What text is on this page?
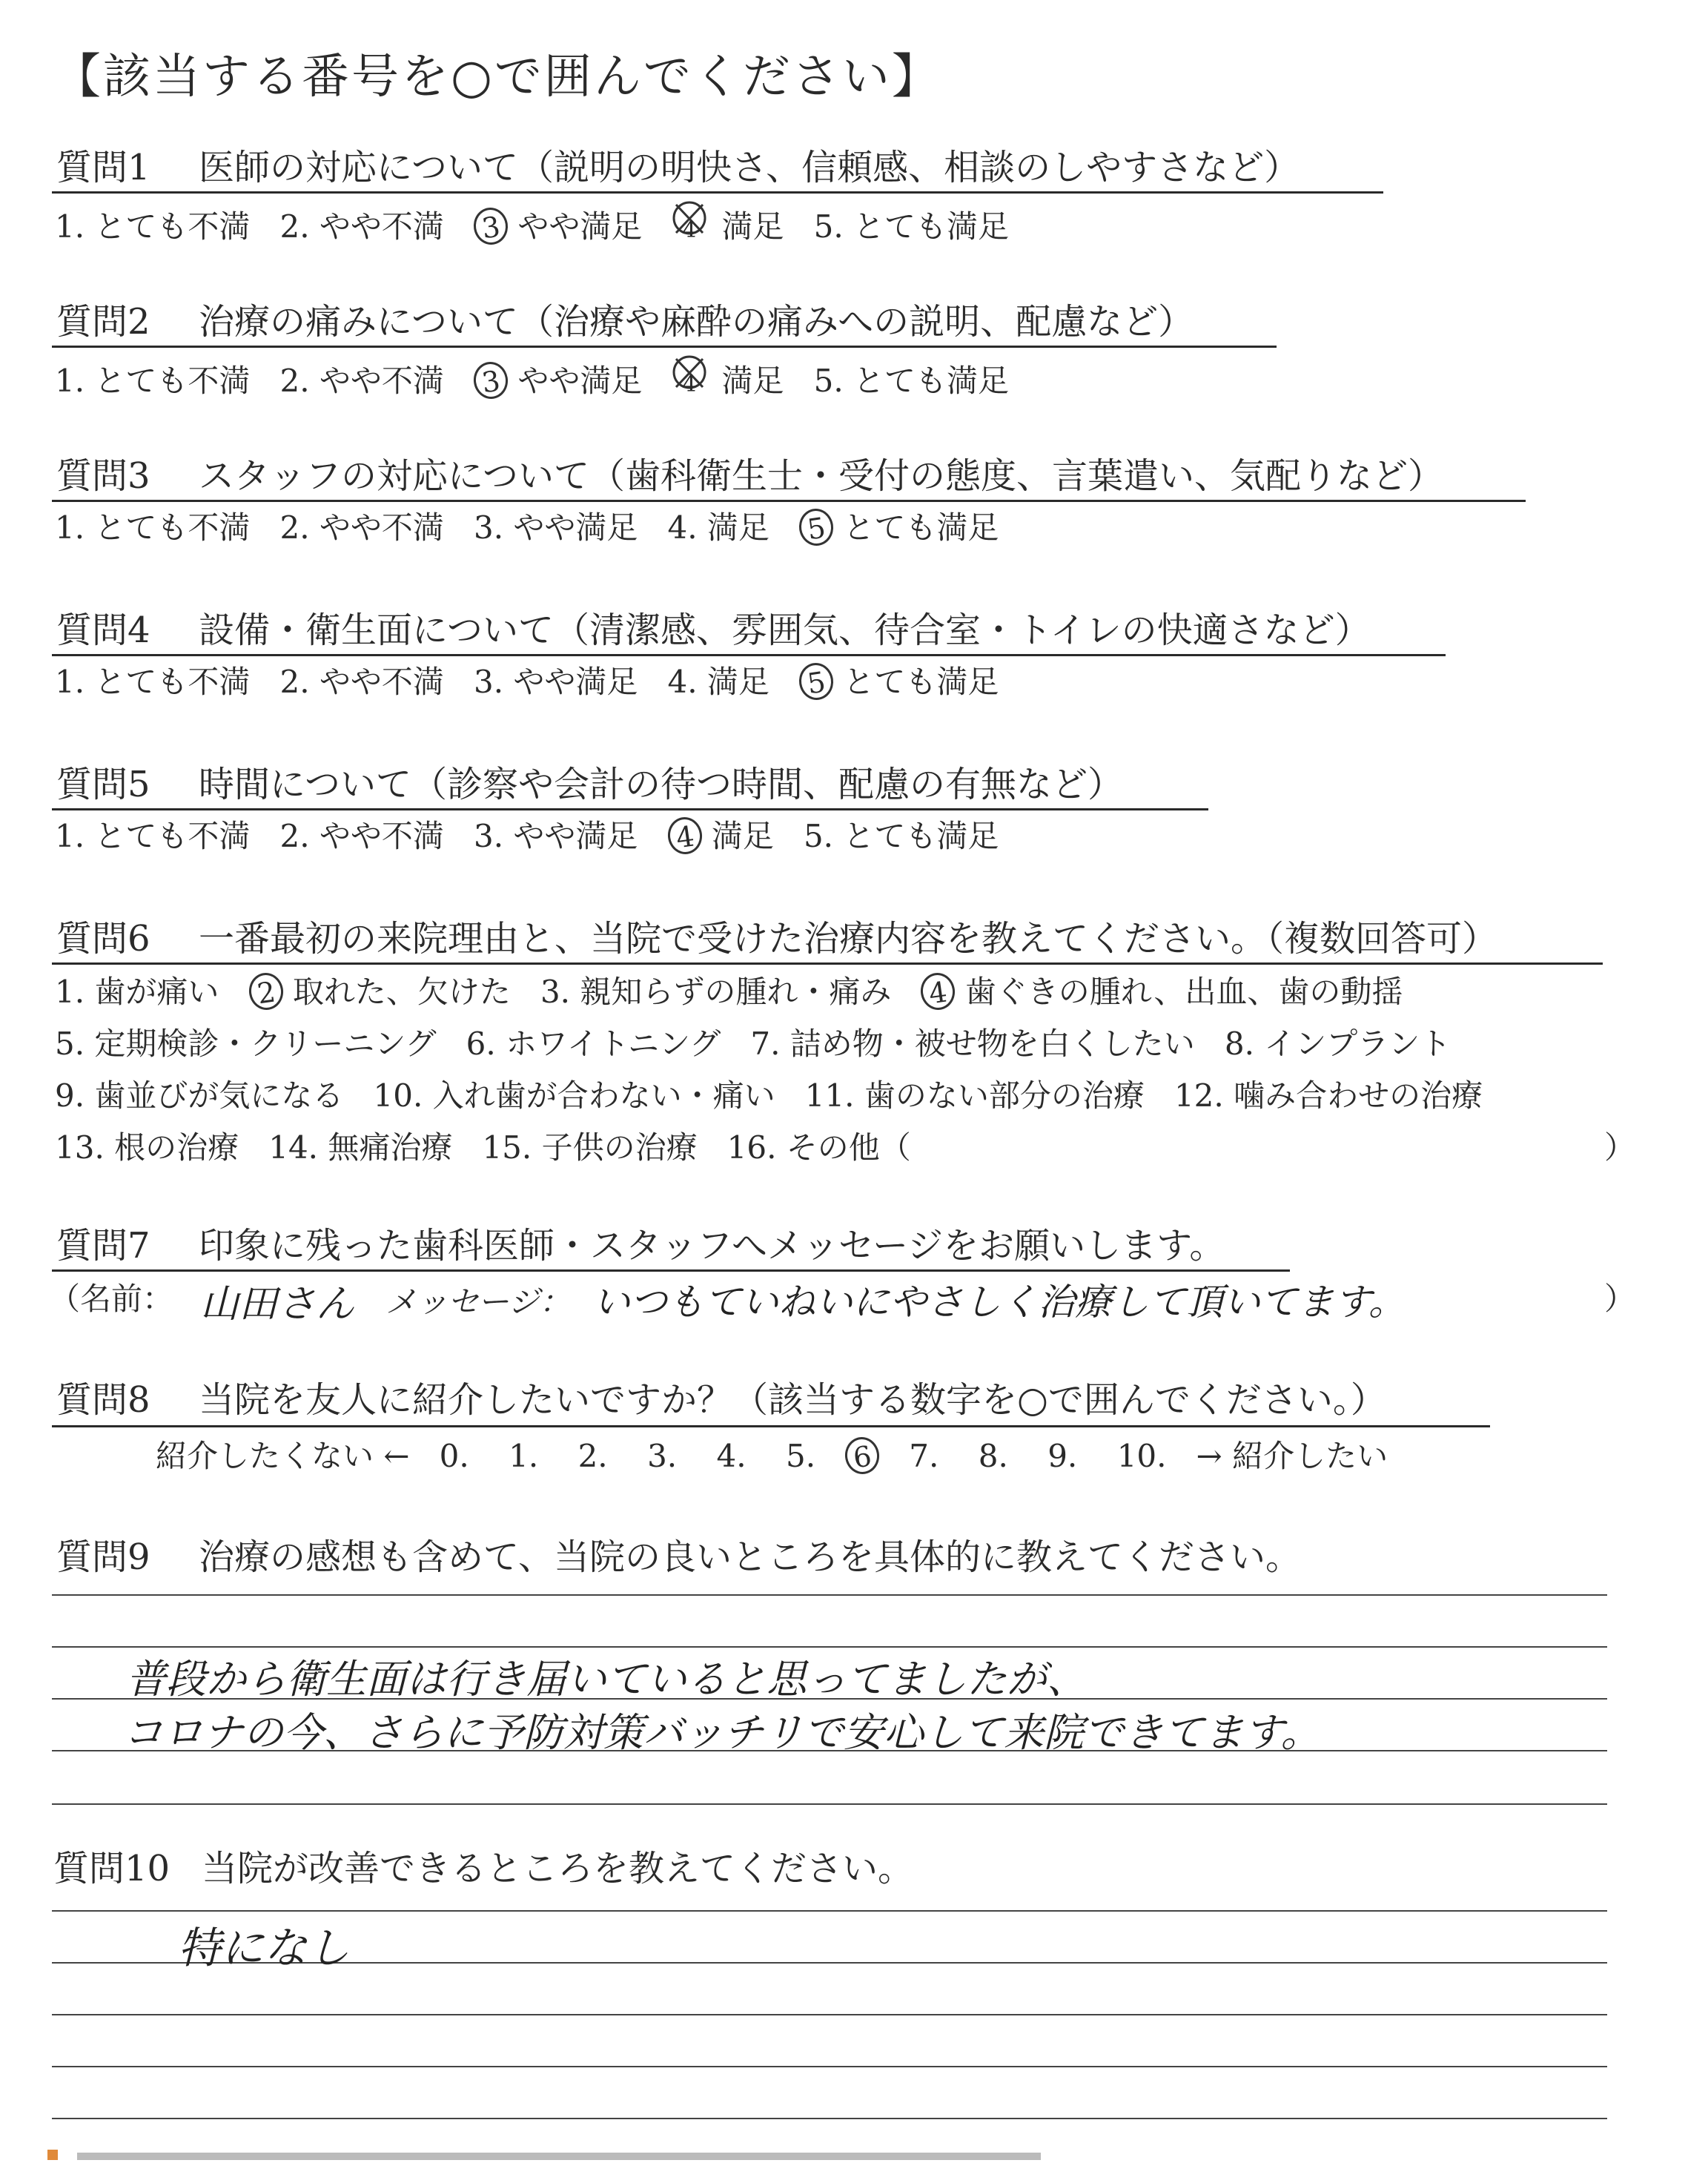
【該当する番号を○で囲んでください】
質問1 医師の対応について（説明の明快さ、信頼感、相談のしやすさなど）
1. とても不満 2. やや不満 3 やや満足 4 満足 5. とても満足
質問2 治療の痛みについて（治療や麻酔の痛みへの説明、配慮など）
1. とても不満 2. やや不満 3 やや満足 4 満足 5. とても満足
質問3 スタッフの対応について（歯科衛生士・受付の態度、言葉遣い、気配りなど）
1. とても不満 2. やや不満 3. やや満足 4. 満足 5 とても満足
質問4 設備・衛生面について（清潔感、雰囲気、待合室・トイレの快適さなど）
1. とても不満 2. やや不満 3. やや満足 4. 満足 5 とても満足
質問5 時間について（診察や会計の待つ時間、配慮の有無など）
1. とても不満 2. やや不満 3. やや満足 4 満足 5. とても満足
質問6 一番最初の来院理由と、当院で受けた治療内容を教えてください。（複数回答可）
1. 歯が痛い 2 取れた、欠けた 3. 親知らずの腫れ・痛み 4 歯ぐきの腫れ、出血、歯の動揺
5. 定期検診・クリーニング 6. ホワイトニング 7. 詰め物・被せ物を白くしたい 8. インプラント
9. 歯並びが気になる 10. 入れ歯が合わない・痛い 11. 歯のない部分の治療 12. 噛み合わせの治療
13. 根の治療 14. 無痛治療 15. 子供の治療 16. その他（	）
質問7 印象に残った歯科医師・スタッフへメッセージをお願いします。
（名前： 山田さん メッセージ： いつもていねいにやさしく治療して頂いてます。	）
質問8 当院を友人に紹介したいですか？（該当する数字を○で囲んでください。）
紹介したくない ← 0. 1. 2. 3. 4. 5. 6 7. 8. 9. 10. → 紹介したい
質問9 治療の感想も含めて、当院の良いところを具体的に教えてください。
普段から衛生面は行き届いていると思ってましたが、
コロナの今、さらに予防対策バッチリで安心して来院できてます。
質問10 当院が改善できるところを教えてください。
特になし
